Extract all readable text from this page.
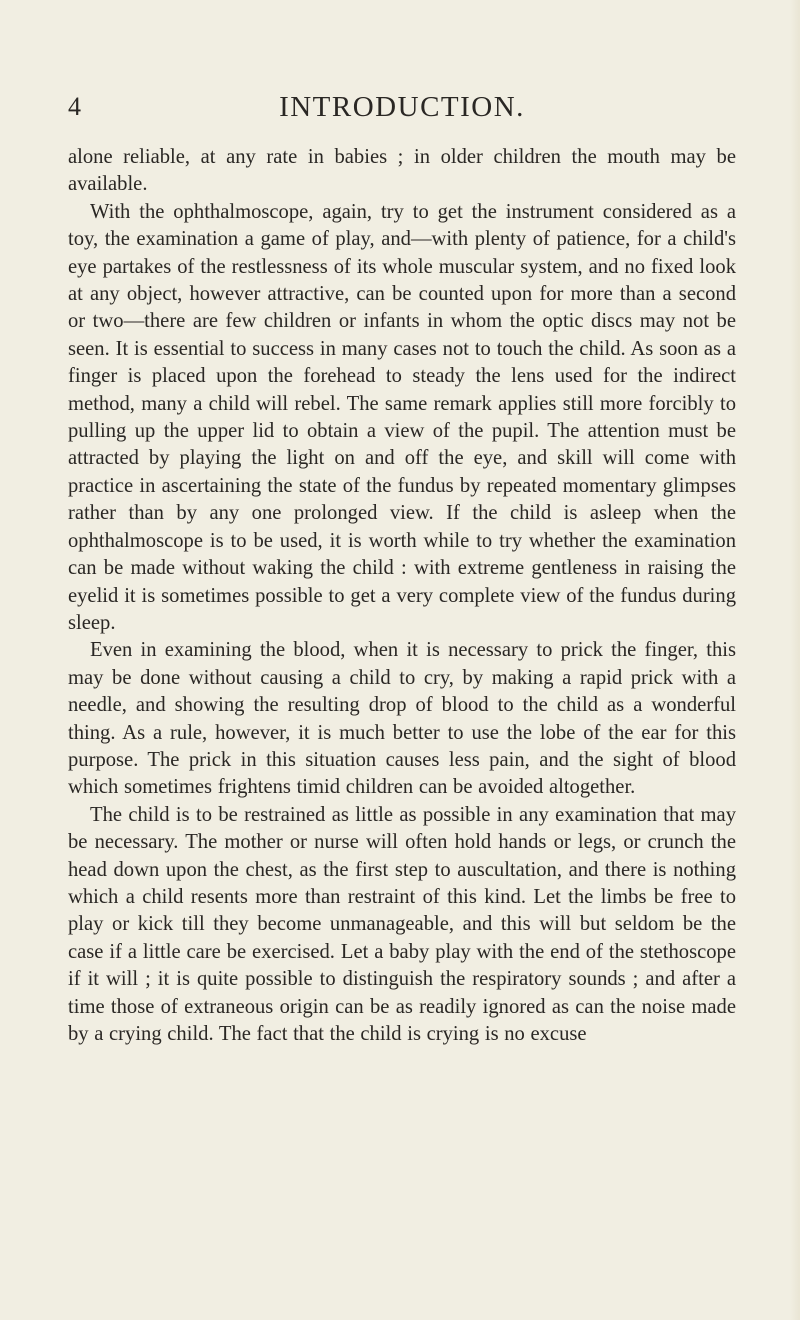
4	INTRODUCTION.

alone reliable, at any rate in babies ; in older children the mouth may be available.

With the ophthalmoscope, again, try to get the instrument considered as a toy, the examination a game of play, and—with plenty of patience, for a child's eye partakes of the restlessness of its whole muscular system, and no fixed look at any object, however attractive, can be counted upon for more than a second or two—there are few children or infants in whom the optic discs may not be seen. It is essential to success in many cases not to touch the child. As soon as a finger is placed upon the forehead to steady the lens used for the indirect method, many a child will rebel. The same remark applies still more forcibly to pulling up the upper lid to obtain a view of the pupil. The attention must be attracted by playing the light on and off the eye, and skill will come with practice in ascertaining the state of the fundus by repeated momentary glimpses rather than by any one prolonged view. If the child is asleep when the ophthalmoscope is to be used, it is worth while to try whether the examination can be made without waking the child : with extreme gentleness in raising the eyelid it is sometimes possible to get a very complete view of the fundus during sleep.

Even in examining the blood, when it is necessary to prick the finger, this may be done without causing a child to cry, by making a rapid prick with a needle, and showing the resulting drop of blood to the child as a wonderful thing. As a rule, however, it is much better to use the lobe of the ear for this purpose. The prick in this situation causes less pain, and the sight of blood which sometimes frightens timid children can be avoided altogether.

The child is to be restrained as little as possible in any examination that may be necessary. The mother or nurse will often hold hands or legs, or crunch the head down upon the chest, as the first step to auscultation, and there is nothing which a child resents more than restraint of this kind. Let the limbs be free to play or kick till they become unmanageable, and this will but seldom be the case if a little care be exercised. Let a baby play with the end of the stethoscope if it will ; it is quite possible to distinguish the respiratory sounds ; and after a time those of extraneous origin can be as readily ignored as can the noise made by a crying child. The fact that the child is crying is no excuse
